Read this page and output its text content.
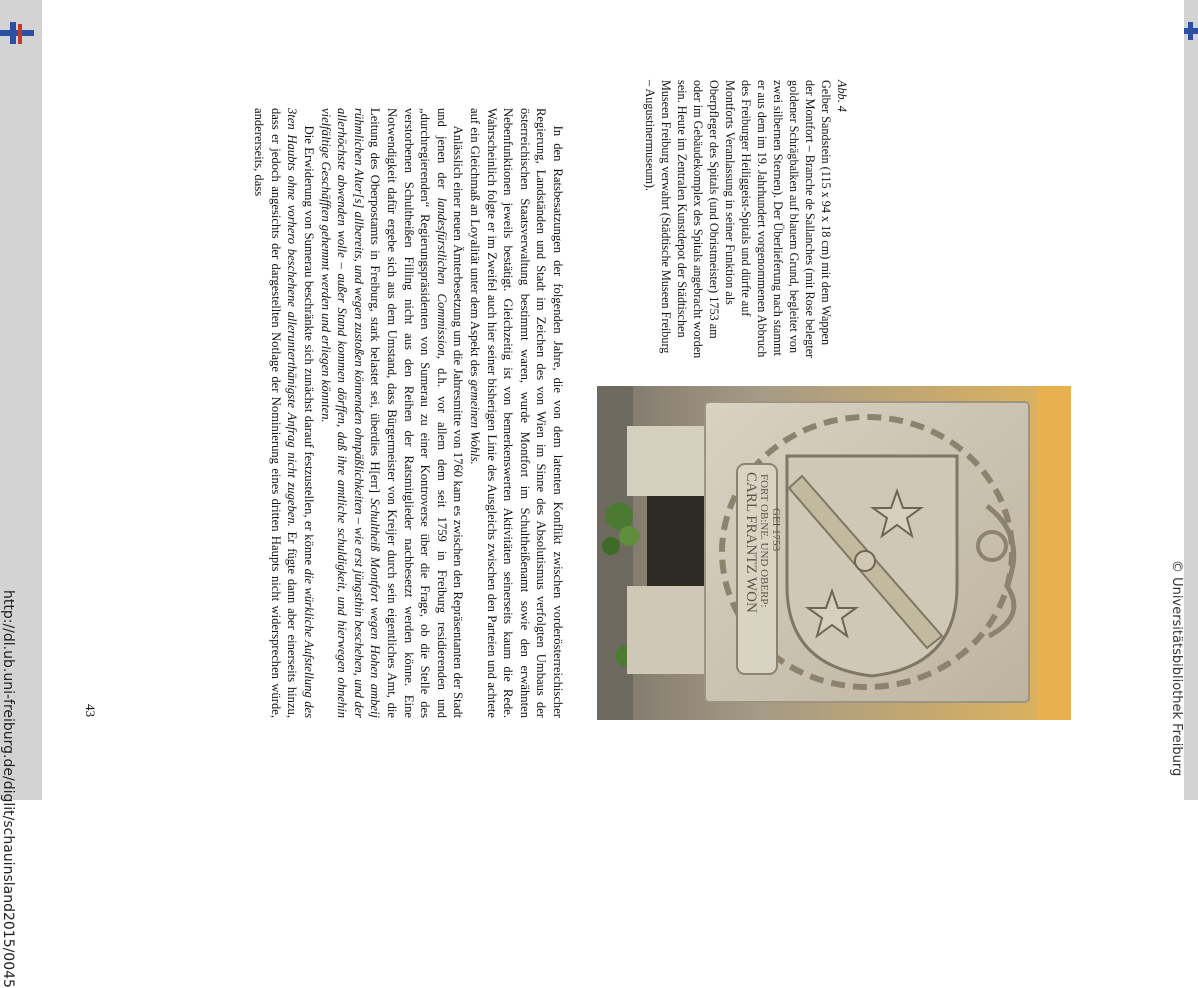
http://dl.ub.uni-freiburg.de/diglit/schauinsland2015/0045	© Universitätsbibliothek Freiburg
43	In den Ratsbesatzungen der folgenden Jahre, die von dem latenten Konflikt zwischen vorderösterreichischer Regierung, Landständen und Stadt im Zeichen des von Wien im Sinne des Absolutismus verfolgten Umbaus der österreichischen Staatsverwaltung bestimmt waren, wurde Montfort im Schultheißenamt sowie den erwähnten Nebenfunktionen jeweils bestätigt. Gleichzeitig ist von bemerkenswerten Aktivitäten seinerseits kaum die Rede. Wahrscheinlich folgte er im Zweifel auch hier seiner bisherigen Linie des Ausgleichs zwischen den Parteien und achtete auf ein Gleichmaß an Loyalität unter dem Aspekt des gemeinen Wohls.

Anlässlich einer neuen Ämterbesetzung um die Jahresmitte von 1760 kam es zwischen den Repräsentanten der Stadt und jenen der landesfürstlichen Commission, d.h. vor allem dem seit 1759 in Freiburg residierenden und „durchregierenden“ Regierungspräsidenten von Sumerau zu einer Kontroverse über die Frage, ob die Stelle des verstorbenen Schultheißen Filling nicht aus den Reihen der Ratsmitglieder nachbesetzt werden könne. Eine Notwendigkeit dafür ergebe sich aus dem Umstand, dass Bürgermeister von Kreijer durch sein eigentliches Amt, die Leitung des Oberpostamts in Freiburg, stark belastet sei, überdies H[err] Schultheiß Montfort wegen Hohen ambeij rühmlichen Alter[s] allbereits, und wegen zustoßen könnenden ohnpäßlichkeiten – wie erst jüngsthin beschehen, und der allerhöchste abwenden wolle – außer Stand kommen dörffen, daß ihre amtliche schuldigkeit, und hierwegen ohnehin vielfältige Geschäfften gehemmt werden und erliegen könnten.

Die Erwiderung von Sumerau beschränkte sich zunächst darauf festzustellen, er könne die würkliche Aufstellung des 3ten Haubts ohne vorhero beschehene allerunterthänigste Anfrag nicht zugeben. Er fügte dann aber einerseits hinzu, dass er jedoch angesichts der dargestellten Notlage der Nominierung eines dritten Haupts nicht widersprechen würde, andererseits, dass

Abb. 4
Gelber Sandstein (115 x 94 x 18 cm) mit dem Wappen der Montfort – Branche de Sallanches (mit Rose belegter goldener Schrägbalken auf blauem Grund, begleitet von zwei silbernen Sternen). Der Überlieferung nach stammt er aus dem im 19. Jahrhundert vorgenommenen Abbruch des Freiburger Heiliggeist-Spitals und dürfte auf Montforts Veranlassung in seiner Funktion als Oberpfleger des Spitals (und Obristmeister) 1753 am oder im Gebäudekomplex des Spitals angebracht worden sein. Heute im Zentralen Kunstdepot der Städtischen Museen Freiburg verwahrt (Städtische Museen Freiburg – Augustinermuseum).
CARL FRANTZ WON FORT OB:NE. UND OBERP: GEI 1753
